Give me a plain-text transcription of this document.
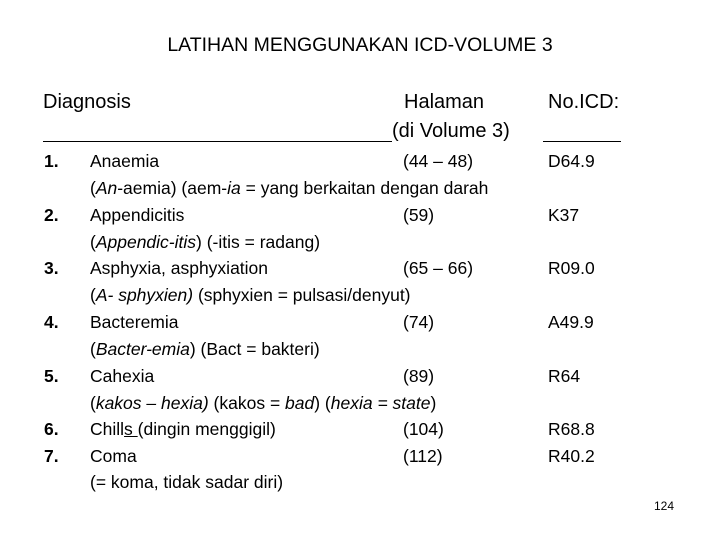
LATIHAN MENGGUNAKAN ICD-VOLUME 3
Diagnosis	Halaman	No.ICD:
(di Volume 3)
1. Anaemia	(44 – 48)	D64.9
(An-aemia) (aem-ia = yang berkaitan dengan darah
2. Appendicitis	(59)	K37
(Appendic-itis) (-itis = radang)
3. Asphyxia, asphyxiation	(65 – 66)	R09.0
(A- sphyxien) (sphyxien = pulsasi/denyut)
4. Bacteremia	(74)	A49.9
(Bacter-emia) (Bact = bakteri)
5. Cahexia	(89)	R64
(kakos – hexia) (kakos = bad) (hexia = state)
6. Chills (dingin menggigil)	(104)	R68.8
7. Coma	(112)	R40.2
(= koma, tidak sadar diri)
124
